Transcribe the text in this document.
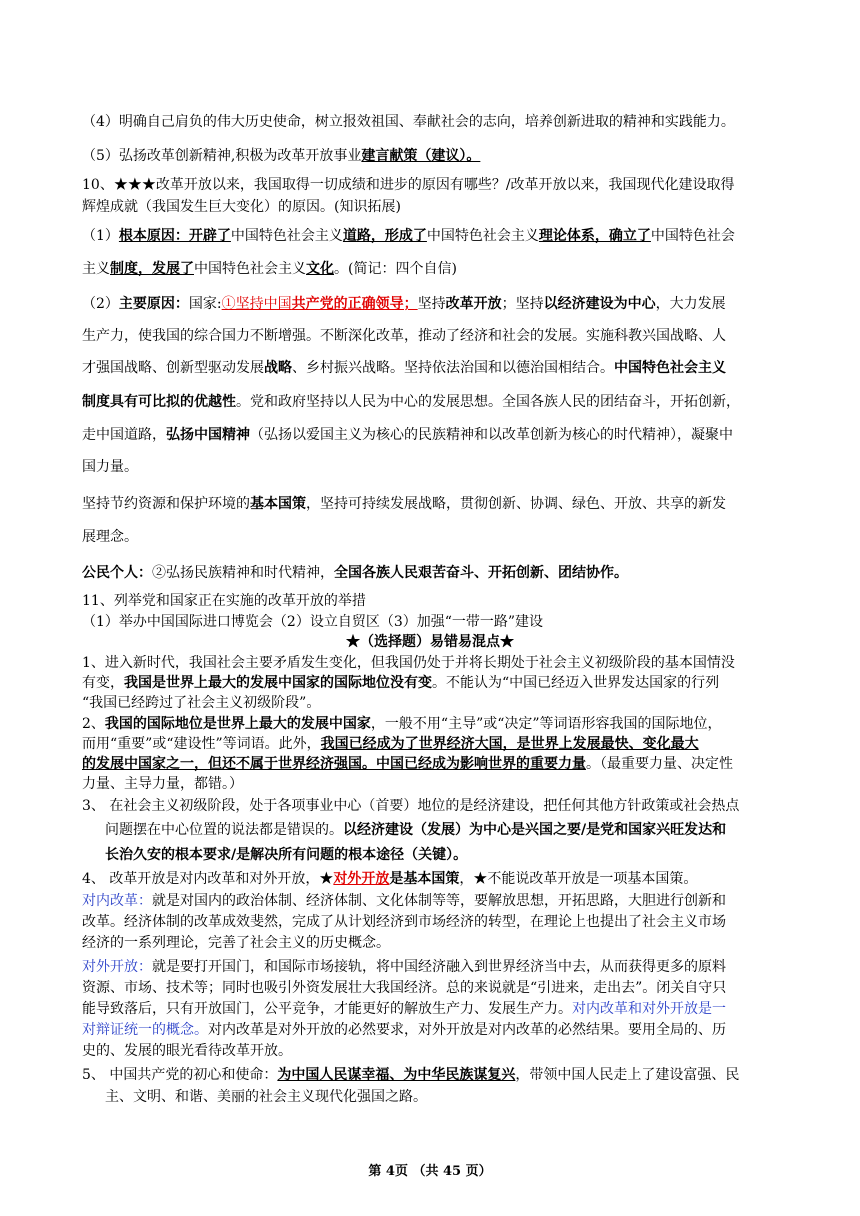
（4）明确自己肩负的伟大历史使命，树立报效祖国、奉献社会的志向，培养创新进取的精神和实践能力。
（5）弘扬改革创新精神,积极为改革开放事业建言献策（建议）。
10、★★★改革开放以来，我国取得一切成绩和进步的原因有哪些？/改革开放以来，我国现代化建设取得
辉煌成就（我国发生巨大变化）的原因。(知识拓展)
（1）根本原因：开辟了中国特色社会主义道路，形成了中国特色社会主义理论体系，确立了中国特色社会
主义制度，发展了中国特色社会主义文化。(简记：四个自信)
（2）主要原因：国家:①坚持中国共产党的正确领导；坚持改革开放；坚持以经济建设为中心，大力发展
生产力，使我国的综合国力不断增强。不断深化改革，推动了经济和社会的发展。实施科教兴国战略、人
才强国战略、创新型驱动发展战略、乡村振兴战略。坚持依法治国和以德治国相结合。中国特色社会主义
制度具有可比拟的优越性。党和政府坚持以人民为中心的发展思想。全国各族人民的团结奋斗，开拓创新，
走中国道路，弘扬中国精神（弘扬以爱国主义为核心的民族精神和以改革创新为核心的时代精神），凝聚中
国力量。
坚持节约资源和保护环境的基本国策，坚持可持续发展战略，贯彻创新、协调、绿色、开放、共享的新发
展理念。
公民个人：②弘扬民族精神和时代精神，全国各族人民艰苦奋斗、开拓创新、团结协作。
11、列举党和国家正在实施的改革开放的举措
（1）举办中国国际进口博览会（2）设立自贸区（3）加强“一带一路”建设
★（选择题）易错易混点★
1、进入新时代，我国社会主要矛盾发生变化，但我国仍处于并将长期处于社会主义初级阶段的基本国情没
有变，我国是世界上最大的发展中国家的国际地位没有变。不能认为“中国已经迈入世界发达国家的行列
“我国已经跨过了社会主义初级阶段”。
2、我国的国际地位是世界上最大的发展中国家，一般不用“主导”或“决定”等词语形容我国的国际地位，
而用“重要”或“建设性”等词语。此外，我国已经成为了世界经济大国，是世界上发展最快、变化最大
的发展中国家之一，但还不属于世界经济强国。中国已经成为影响世界的重要力量。（最重要力量、决定性
力量、主导力量，都错。）
3、 在社会主义初级阶段，处于各项事业中心（首要）地位的是经济建设，把任何其他方针政策或社会热点
问题摆在中心位置的说法都是错误的。以经济建设（发展）为中心是兴国之要/是党和国家兴旺发达和
长治久安的根本要求/是解决所有问题的根本途径（关键）。
4、 改革开放是对内改革和对外开放，★对外开放是基本国策，★不能说改革开放是一项基本国策。
对内改革：就是对国内的政治体制、经济体制、文化体制等等，要解放思想，开拓思路，大胆进行创新和
改革。经济体制的改革成效斐然，完成了从计划经济到市场经济的转型，在理论上也提出了社会主义市场
经济的一系列理论，完善了社会主义的历史概念。
对外开放：就是要打开国门，和国际市场接轨，将中国经济融入到世界经济当中去，从而获得更多的原料
资源、市场、技术等；同时也吸引外资发展壮大我国经济。总的来说就是“引进来，走出去”。闭关自守只
能导致落后，只有开放国门，公平竞争，才能更好的解放生产力、发展生产力。对内改革和对外开放是一
对辩证统一的概念。对内改革是对外开放的必然要求，对外开放是对内改革的必然结果。要用全局的、历
史的、发展的眼光看待改革开放。
5、 中国共产党的初心和使命：为中国人民谋幸福、为中华民族谋复兴，带领中国人民走上了建设富强、民
主、文明、和谐、美丽的社会主义现代化强国之路。
第 4页 （共 45 页）
